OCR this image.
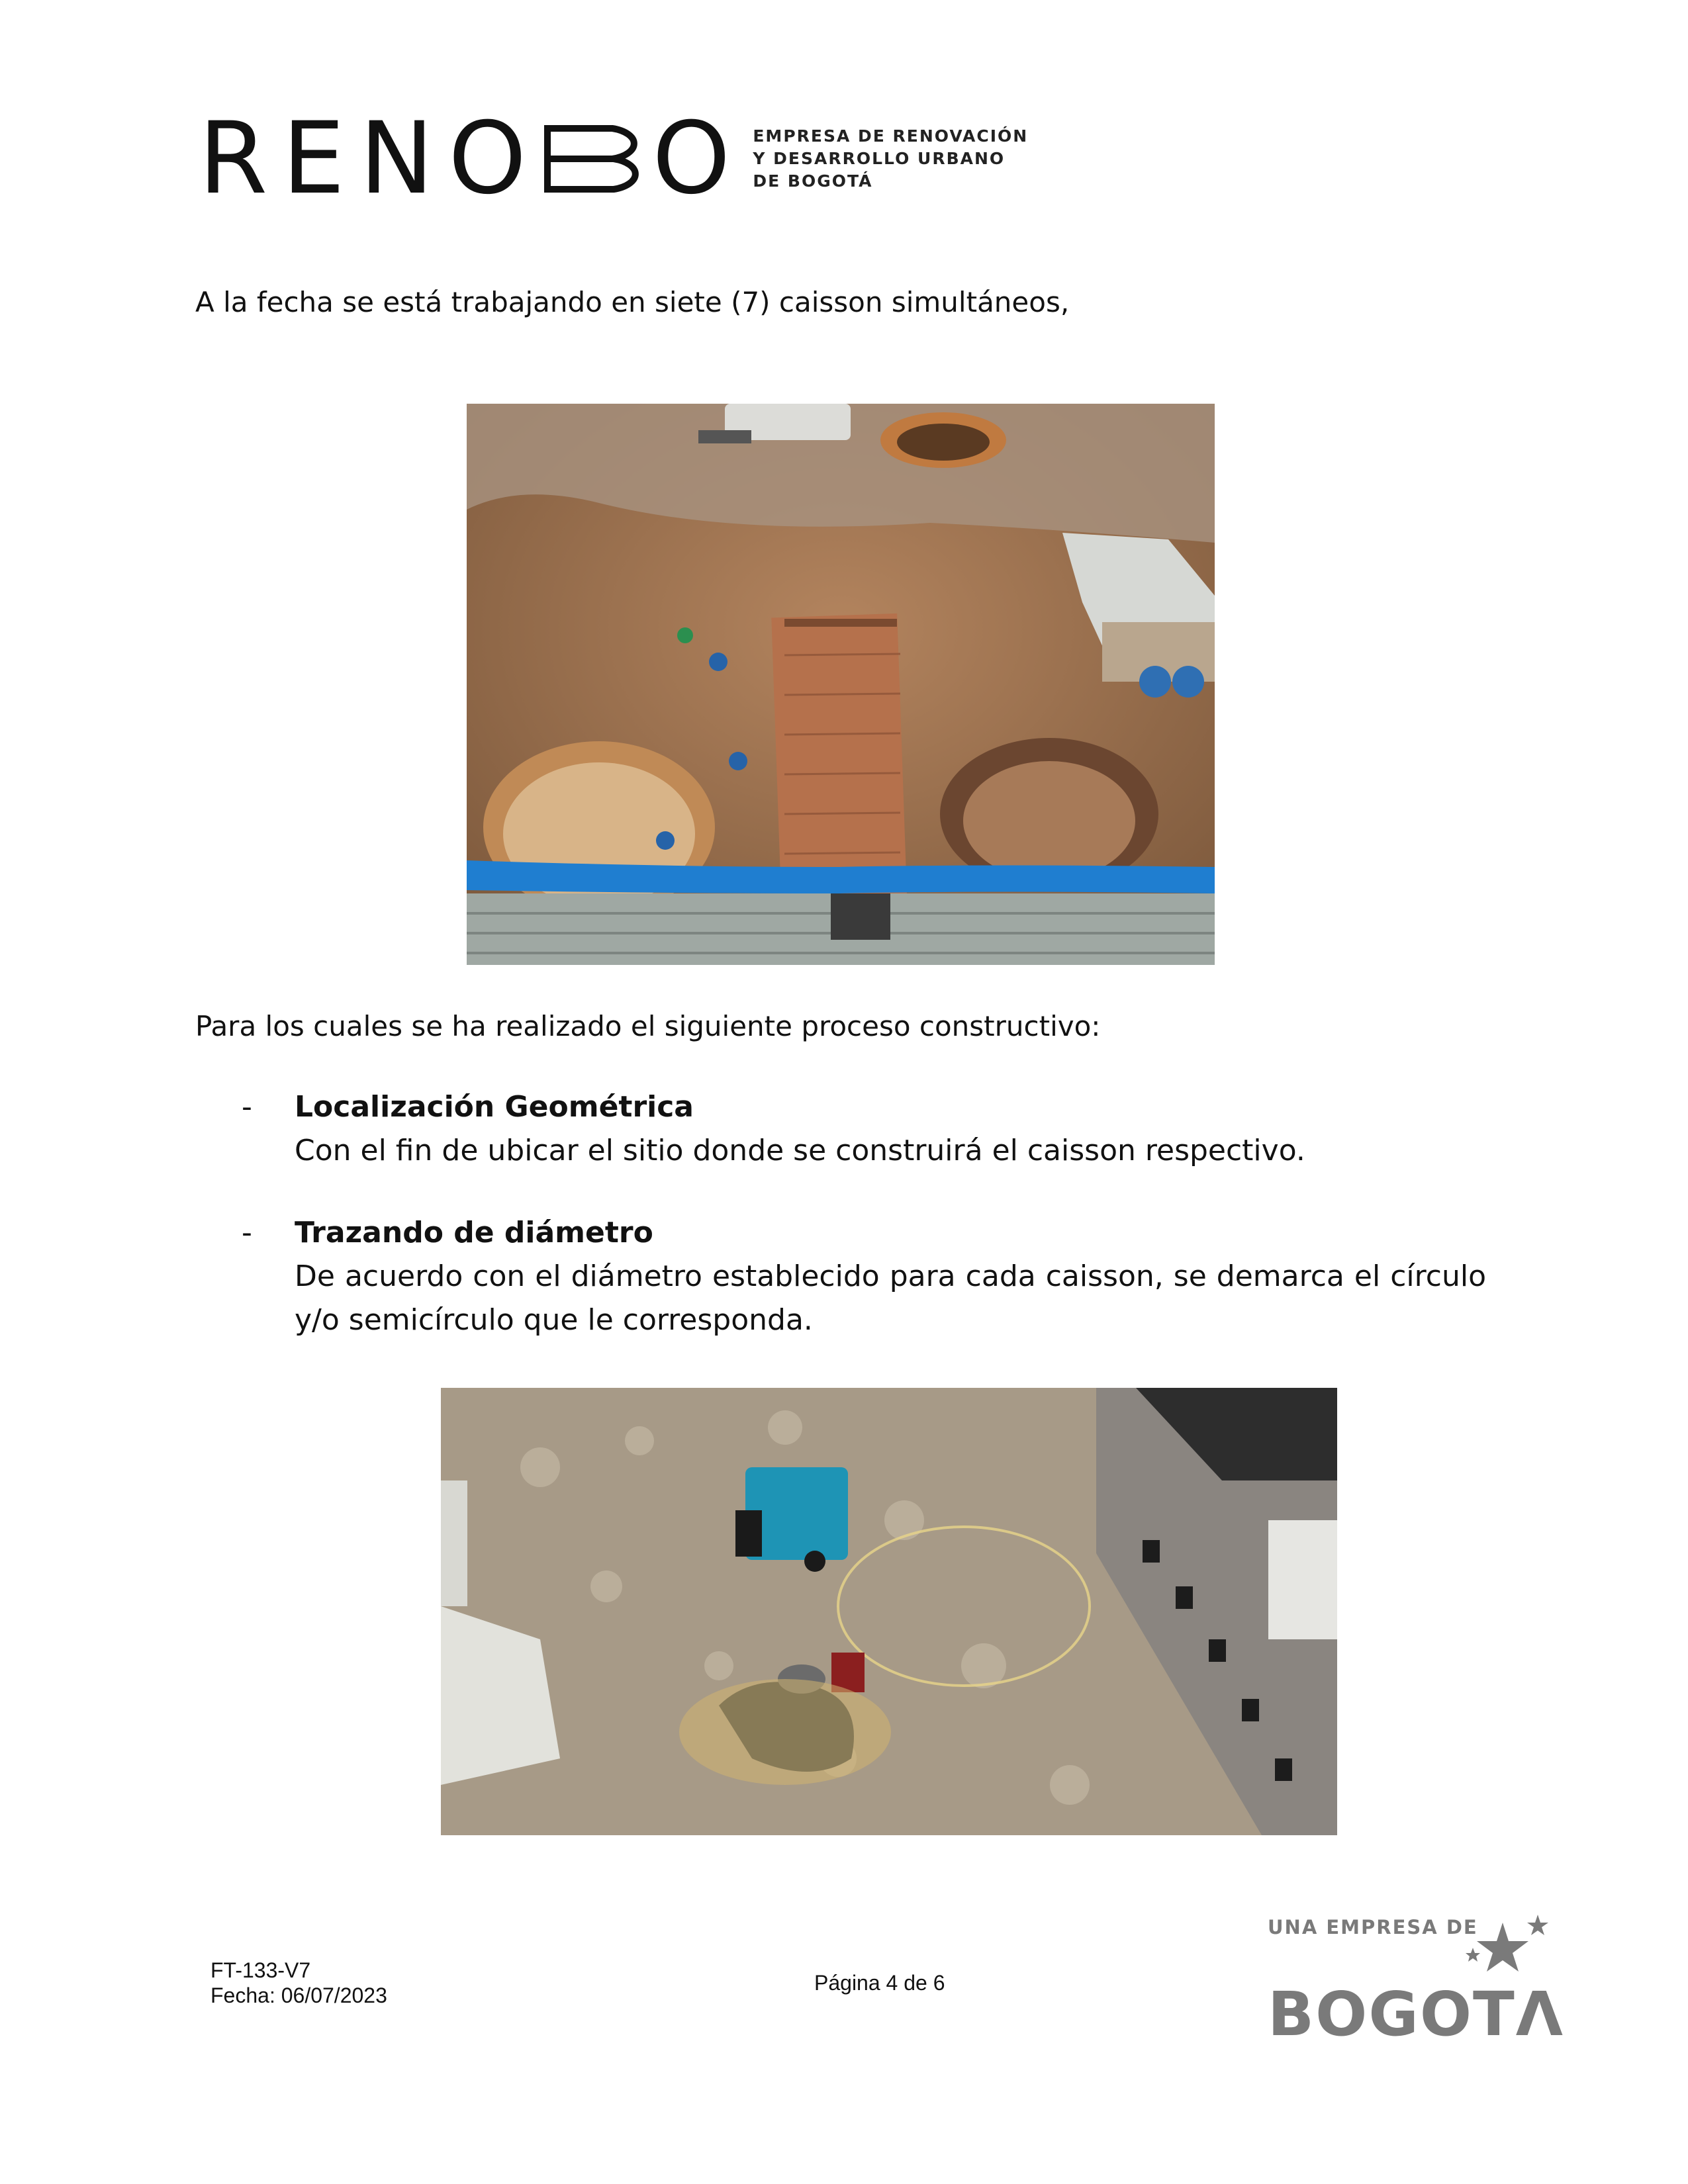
RENO O EMPRESA DE RENOVACIÓN
Y DESARROLLO URBANO
DE BOGOTÁ
A la fecha se está trabajando en siete (7) caisson simultáneos,
Para los cuales se ha realizado el siguiente proceso constructivo:
-	Localización Geométrica
Con el fin de ubicar el sitio donde se construirá el caisson respectivo.
-	Trazando de diámetro
De acuerdo con el diámetro establecido para cada caisson, se demarca el círculo y/o semicírculo que le corresponda.
FT-133-V7
Fecha: 06/07/2023
Página 4 de 6
UNA EMPRESA DE
BOGOTΛ
